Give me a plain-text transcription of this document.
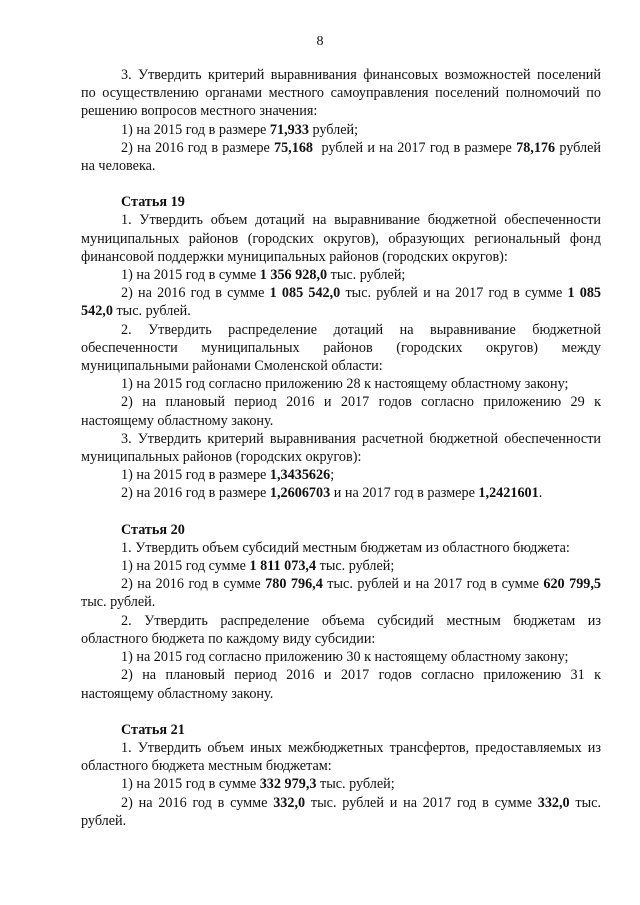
8

3. Утвердить критерий выравнивания финансовых возможностей поселений по осуществлению органами местного самоуправления поселений полномочий по решению вопросов местного значения:

1) на 2015 год в размере 71,933 рублей;

2) на 2016 год в размере 75,168  рублей и на 2017 год в размере 78,176 рублей на человека.

Статья 19

1. Утвердить объем дотаций на выравнивание бюджетной обеспеченности муниципальных районов (городских округов), образующих региональный фонд финансовой поддержки муниципальных районов (городских округов):

1) на 2015 год в сумме 1 356 928,0 тыс. рублей;

2) на 2016 год в сумме 1 085 542,0 тыс. рублей и на 2017 год в сумме 1 085 542,0 тыс. рублей.

2. Утвердить распределение дотаций на выравнивание бюджетной обеспеченности муниципальных районов (городских округов) между муниципальными районами Смоленской области:

1) на 2015 год согласно приложению 28 к настоящему областному закону;

2) на плановый период 2016 и 2017 годов согласно приложению 29 к настоящему областному закону.

3. Утвердить критерий выравнивания расчетной бюджетной обеспеченности муниципальных районов (городских округов):

1) на 2015 год в размере 1,3435626;

2) на 2016 год в размере 1,2606703 и на 2017 год в размере 1,2421601.

Статья 20

1. Утвердить объем субсидий местным бюджетам из областного бюджета:

1) на 2015 год сумме 1 811 073,4 тыс. рублей;

2) на 2016 год в сумме 780 796,4 тыс. рублей и на 2017 год в сумме 620 799,5 тыс. рублей.

2. Утвердить распределение объема субсидий местным бюджетам из областного бюджета по каждому виду субсидии:

1) на 2015 год согласно приложению 30 к настоящему областному закону;

2) на плановый период 2016 и 2017 годов согласно приложению 31 к настоящему областному закону.

Статья 21

1. Утвердить объем иных межбюджетных трансфертов, предоставляемых из областного бюджета местным бюджетам:

1) на 2015 год в сумме 332 979,3 тыс. рублей;

2) на 2016 год в сумме 332,0 тыс. рублей и на 2017 год в сумме 332,0 тыс. рублей.
